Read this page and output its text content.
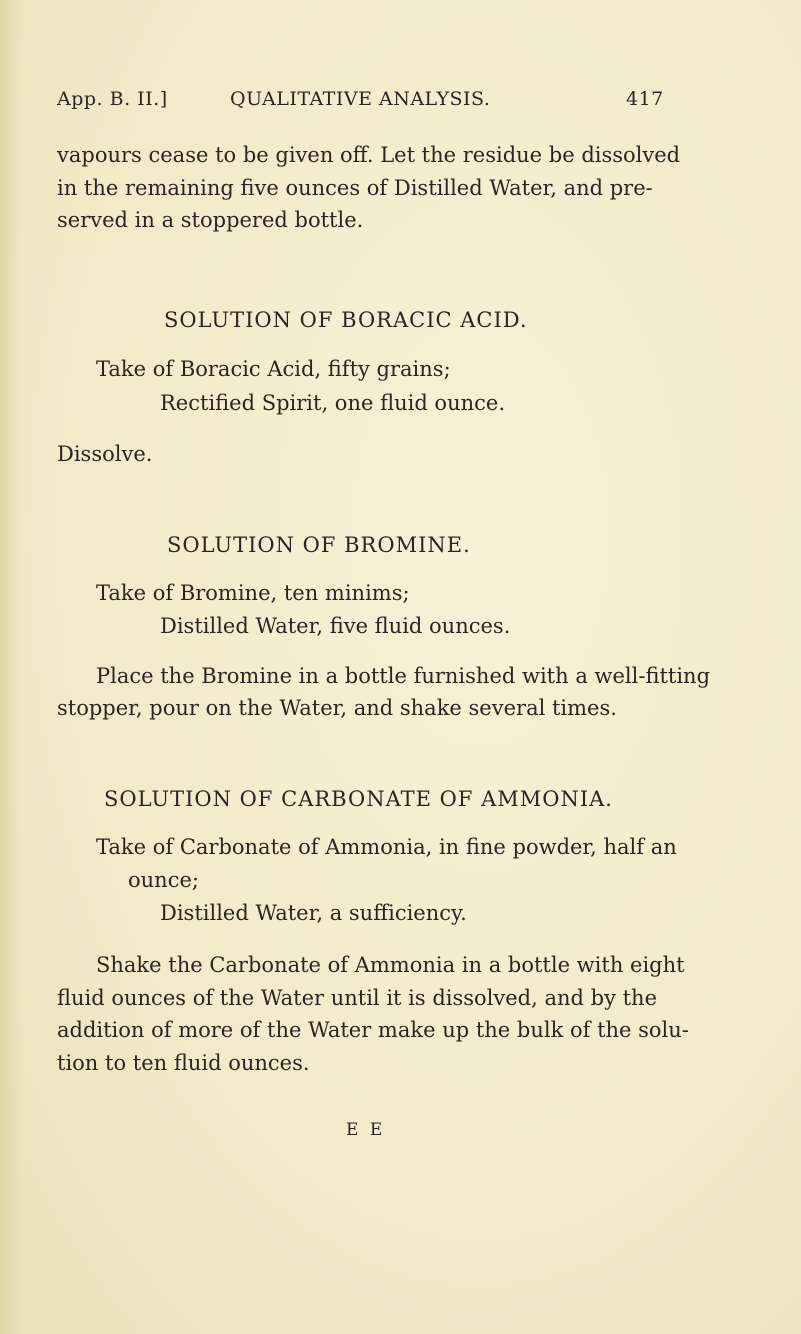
App. B. II.]	QUALITATIVE ANALYSIS.	417
vapours cease to be given off. Let the residue be dissolved
in the remaining five ounces of Distilled Water, and pre-
served in a stoppered bottle.
SOLUTION OF BORACIC ACID.
Take of Boracic Acid, fifty grains;
Rectified Spirit, one fluid ounce.
Dissolve.
SOLUTION OF BROMINE.
Take of Bromine, ten minims;
Distilled Water, five fluid ounces.
Place the Bromine in a bottle furnished with a well-fitting
stopper, pour on the Water, and shake several times.
SOLUTION OF CARBONATE OF AMMONIA.
Take of Carbonate of Ammonia, in fine powder, half an
ounce;
Distilled Water, a sufficiency.
Shake the Carbonate of Ammonia in a bottle with eight
fluid ounces of the Water until it is dissolved, and by the
addition of more of the Water make up the bulk of the solu-
tion to ten fluid ounces.
E E
